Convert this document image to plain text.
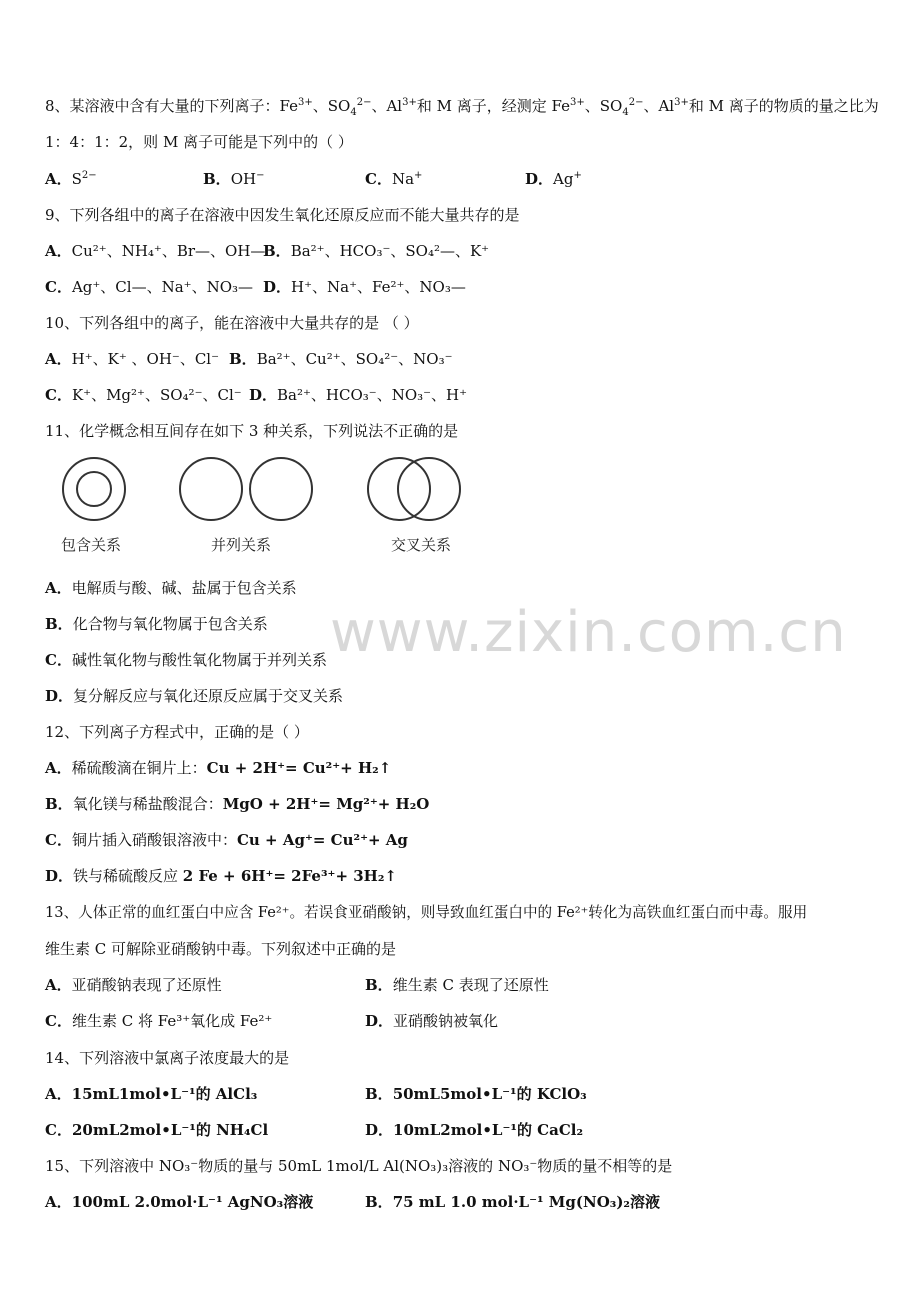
www.zixin.com.cn
8、某溶液中含有大量的下列离子：$Fe^{3+}$、$SO_4^{2-}$、$Al^{3+}$和 M 离子，经测定 $Fe^{3+}$、$SO_4^{2-}$、$Al^{3+}$和 M 离子的物质的量之比为
1：4：1：2，则 M 离子可能是下列中的（ ）
A．$S^{2-}$	B．OH−	C．Na+	D．Ag+
9、下列各组中的离子在溶液中因发生氧化还原反应而不能大量共存的是
A．Cu²⁺、NH₄⁺、Br—、OH—
B．Ba²⁺、HCO₃⁻、SO₄²—、K⁺
C．Ag⁺、Cl—、Na⁺、NO₃— D．H⁺、Na⁺、Fe²⁺、NO₃—
10、下列各组中的离子，能在溶液中大量共存的是 （ ）
A．H⁺、K⁺ 、OH⁻、Cl⁻ B．Ba²⁺、Cu²⁺、SO₄²⁻、NO₃⁻
C．K⁺、Mg²⁺、SO₄²⁻、Cl⁻ D．Ba²⁺、HCO₃⁻、NO₃⁻、H⁺
11、化学概念相互间存在如下 3 种关系，下列说法不正确的是
包含关系	并列关系	交叉关系
A．电解质与酸、碱、盐属于包含关系
B．化合物与氧化物属于包含关系
C．碱性氧化物与酸性氧化物属于并列关系
D．复分解反应与氧化还原反应属于交叉关系
12、下列离子方程式中，正确的是（ ）
A．稀硫酸滴在铜片上：Cu + 2H⁺= Cu²⁺+ H₂↑
B．氧化镁与稀盐酸混合：MgO + 2H⁺= Mg²⁺+ H₂O
C．铜片插入硝酸银溶液中：Cu + Ag⁺= Cu²⁺+ Ag
D．铁与稀硫酸反应 2 Fe + 6H⁺= 2Fe³⁺+ 3H₂↑
13、人体正常的血红蛋白中应含 Fe²⁺。若误食亚硝酸钠，则导致血红蛋白中的 Fe²⁺转化为高铁血红蛋白而中毒。服用
维生素 C 可解除亚硝酸钠中毒。下列叙述中正确的是
A．亚硝酸钠表现了还原性	B．维生素 C 表现了还原性
C．维生素 C 将 Fe³⁺氧化成 Fe²⁺	D．亚硝酸钠被氧化
14、下列溶液中氯离子浓度最大的是
A．15mL1mol•L⁻¹的 AlCl₃	B．50mL5mol•L⁻¹的 KClO₃
C．20mL2mol•L⁻¹的 NH₄Cl	D．10mL2mol•L⁻¹的 CaCl₂
15、下列溶液中 NO₃⁻物质的量与 50mL 1mol/L Al(NO₃)₃溶液的 NO₃⁻物质的量不相等的是
A．100mL 2.0mol·L⁻¹ AgNO₃溶液	B．75 mL 1.0 mol·L⁻¹ Mg(NO₃)₂溶液
